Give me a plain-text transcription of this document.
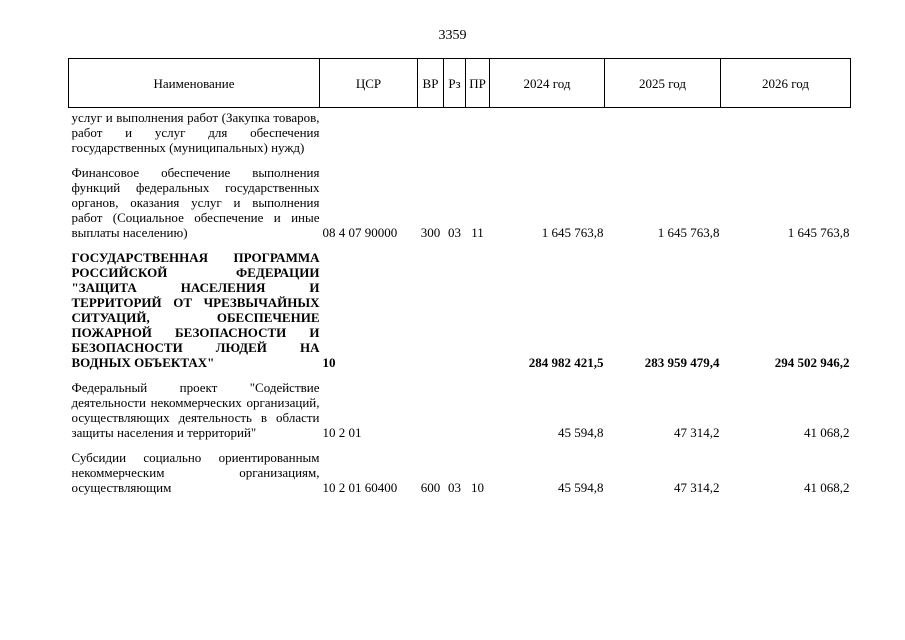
3359
Наименование	ЦСР	ВР	Рз	ПР	2024 год	2025 год	2026 год
услуг и выполнения работ (Закупка товаров, работ и услуг для обеспечения государственных (муниципальных) нужд)							
Финансовое обеспечение выполнения функций федеральных государственных органов, оказания услуг и выполнения работ (Социальное обеспечение и иные выплаты населению)	08 4 07 90000	300	03	11	1 645 763,8	1 645 763,8	1 645 763,8
ГОСУДАРСТВЕННАЯ ПРОГРАММА РОССИЙСКОЙ ФЕДЕРАЦИИ "ЗАЩИТА НАСЕЛЕНИЯ И ТЕРРИТОРИЙ ОТ ЧРЕЗВЫЧАЙНЫХ СИТУАЦИЙ, ОБЕСПЕЧЕНИЕ ПОЖАРНОЙ БЕЗОПАСНОСТИ И БЕЗОПАСНОСТИ ЛЮДЕЙ НА ВОДНЫХ ОБЪЕКТАХ"	10				284 982 421,5	283 959 479,4	294 502 946,2
Федеральный проект "Содействие деятельности некоммерческих организаций, осуществляющих деятельность в области защиты населения и территорий"	10 2 01				45 594,8	47 314,2	41 068,2
Субсидии социально ориентированным некоммерческим организациям, осуществляющим	10 2 01 60400	600	03	10	45 594,8	47 314,2	41 068,2
